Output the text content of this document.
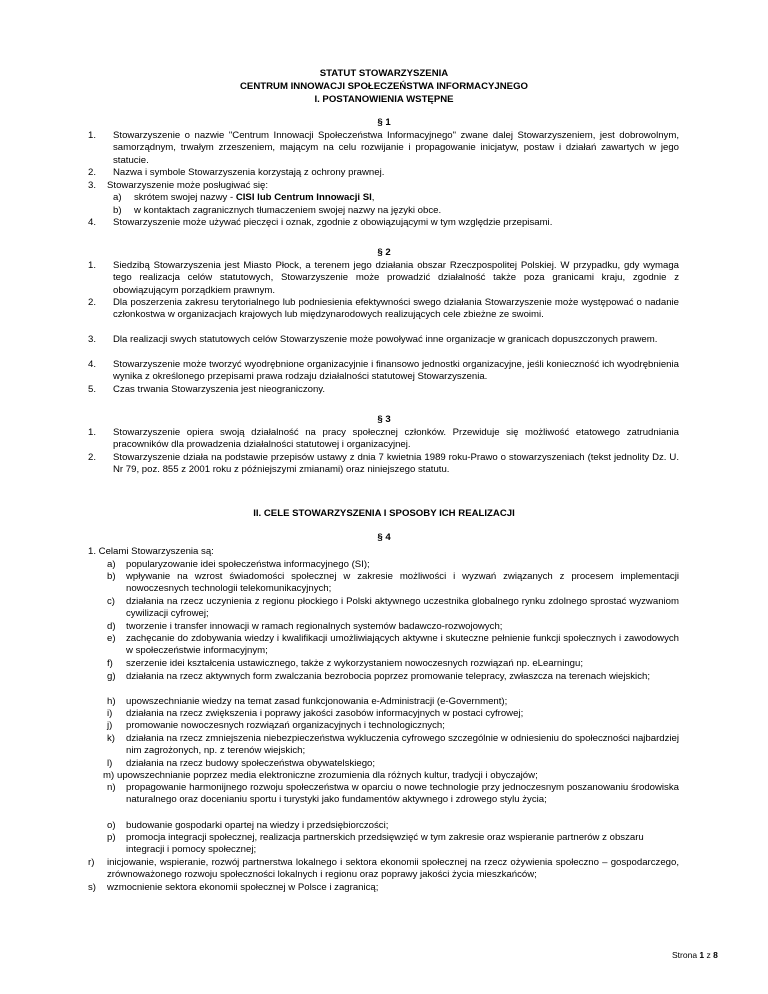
STATUT STOWARZYSZENIA
CENTRUM INNOWACJI SPOŁECZEŃSTWA INFORMACYJNEGO
I. POSTANOWIENIA WSTĘPNE
§ 1
1. Stowarzyszenie o nazwie "Centrum Innowacji Społeczeństwa Informacyjnego" zwane dalej Stowarzyszeniem, jest dobrowolnym, samorządnym, trwałym zrzeszeniem, mającym na celu rozwijanie i propagowanie inicjatyw, postaw i działań zawartych w jego statucie.
2. Nazwa i symbole Stowarzyszenia korzystają z ochrony prawnej.
3. Stowarzyszenie może posługiwać się:
a) skrótem swojej nazwy - CISI lub Centrum Innowacji SI,
b) w kontaktach zagranicznych tłumaczeniem swojej nazwy na języki obce.
4. Stowarzyszenie może używać pieczęci i oznak, zgodnie z obowiązującymi w tym względzie przepisami.
§ 2
1. Siedzibą Stowarzyszenia jest Miasto Płock, a terenem jego działania obszar Rzeczpospolitej Polskiej. W przypadku, gdy wymaga tego realizacja celów statutowych, Stowarzyszenie może prowadzić działalność także poza granicami kraju, zgodnie z obowiązującym porządkiem prawnym.
2. Dla poszerzenia zakresu terytorialnego lub podniesienia efektywności swego działania Stowarzyszenie może występować o nadanie członkostwa w organizacjach krajowych lub międzynarodowych realizujących cele zbieżne ze swoimi.
3. Dla realizacji swych statutowych celów Stowarzyszenie może powoływać inne organizacje w granicach dopuszczonych prawem.
4. Stowarzyszenie może tworzyć wyodrębnione organizacyjnie i finansowo jednostki organizacyjne, jeśli konieczność ich wyodrębnienia wynika z określonego przepisami prawa rodzaju działalności statutowej Stowarzyszenia.
5. Czas trwania Stowarzyszenia jest nieograniczony.
§ 3
1. Stowarzyszenie opiera swoją działalność na pracy społecznej członków. Przewiduje się możliwość etatowego zatrudniania pracowników dla prowadzenia działalności statutowej i organizacyjnej.
2. Stowarzyszenie działa na podstawie przepisów ustawy z dnia 7 kwietnia 1989 roku-Prawo o stowarzyszeniach (tekst jednolity Dz. U. Nr 79, poz. 855 z 2001 roku z późniejszymi zmianami) oraz niniejszego statutu.
II. CELE STOWARZYSZENIA I SPOSOBY ICH REALIZACJI
§ 4
1. Celami Stowarzyszenia są:
a) popularyzowanie idei społeczeństwa informacyjnego (SI);
b) wpływanie na wzrost świadomości społecznej w zakresie możliwości i wyzwań związanych z procesem implementacji nowoczesnych technologii telekomunikacyjnych;
c) działania na rzecz uczynienia z regionu płockiego i Polski aktywnego uczestnika globalnego rynku zdolnego sprostać wyzwaniom cywilizacji cyfrowej;
d) tworzenie i transfer innowacji w ramach regionalnych systemów badawczo-rozwojowych;
e) zachęcanie do zdobywania wiedzy i kwalifikacji umożliwiających aktywne i skuteczne pełnienie funkcji społecznych i zawodowych w społeczeństwie informacyjnym;
f) szerzenie idei kształcenia ustawicznego, także z wykorzystaniem nowoczesnych rozwiązań np. eLearningu;
g) działania na rzecz aktywnych form zwalczania bezrobocia poprzez promowanie telepracy, zwłaszcza na terenach wiejskich;
h) upowszechnianie wiedzy na temat zasad funkcjonowania e-Administracji (e-Government);
i) działania na rzecz zwiększenia i poprawy jakości zasobów informacyjnych w postaci cyfrowej;
j) promowanie nowoczesnych rozwiązań organizacyjnych i technologicznych;
k) działania na rzecz zmniejszenia niebezpieczeństwa wykluczenia cyfrowego szczególnie w odniesieniu do społeczności najbardziej nim zagrożonych, np. z terenów wiejskich;
l) działania na rzecz budowy społeczeństwa obywatelskiego;
m) upowszechnianie poprzez media elektroniczne zrozumienia dla różnych kultur, tradycji i obyczajów;
n) propagowanie harmonijnego rozwoju społeczeństwa w oparciu o nowe technologie przy jednoczesnym poszanowaniu środowiska naturalnego oraz docenianiu sportu i turystyki jako fundamentów aktywnego i zdrowego stylu życia;
o) budowanie gospodarki opartej na wiedzy i przedsiębiorczości;
p) promocja integracji społecznej, realizacja partnerskich przedsięwzięć w tym zakresie oraz wspieranie partnerów z obszaru integracji i pomocy społecznej;
r) inicjowanie, wspieranie, rozwój partnerstwa lokalnego i sektora ekonomii społecznej na rzecz ożywienia społeczno – gospodarczego, zrównoważonego rozwoju społeczności lokalnych i regionu oraz poprawy jakości życia mieszkańców;
s) wzmocnienie sektora ekonomii społecznej w Polsce i zagranicą;
Strona 1 z 8
